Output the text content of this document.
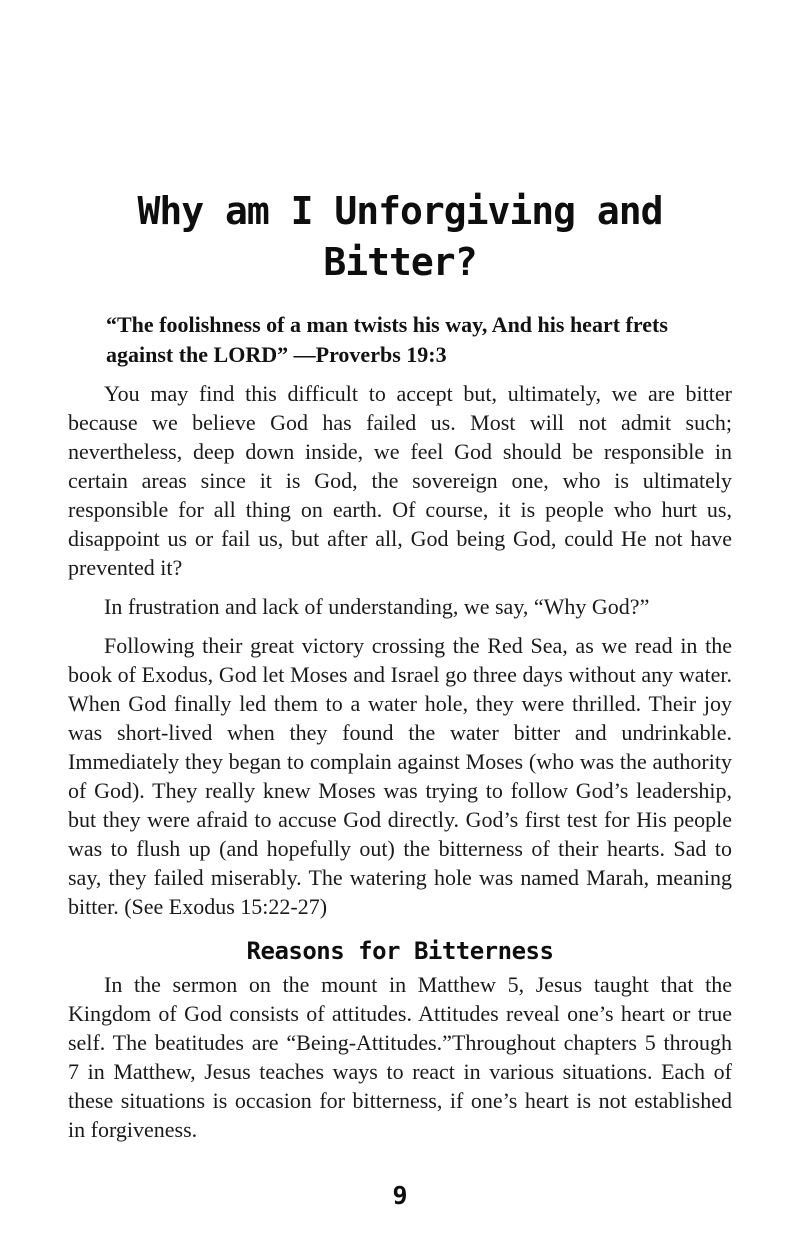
Why am I Unforgiving and Bitter?

“The foolishness of a man twists his way, And his heart frets against the LORD” —Proverbs 19:3

You may find this difficult to accept but, ultimately, we are bitter because we believe God has failed us. Most will not admit such; nevertheless, deep down inside, we feel God should be responsible in certain areas since it is God, the sovereign one, who is ultimately responsible for all thing on earth. Of course, it is people who hurt us, disappoint us or fail us, but after all, God being God, could He not have prevented it?

In frustration and lack of understanding, we say, “Why God?”

Following their great victory crossing the Red Sea, as we read in the book of Exodus, God let Moses and Israel go three days without any water. When God finally led them to a water hole, they were thrilled. Their joy was short-lived when they found the water bitter and undrinkable. Immediately they began to complain against Moses (who was the authority of God). They really knew Moses was trying to follow God’s leadership, but they were afraid to accuse God directly. God’s first test for His people was to flush up (and hopefully out) the bitterness of their hearts. Sad to say, they failed miserably. The watering hole was named Marah, meaning bitter. (See Exodus 15:22-27)

Reasons for Bitterness

In the sermon on the mount in Matthew 5, Jesus taught that the Kingdom of God consists of attitudes. Attitudes reveal one’s heart or true self. The beatitudes are “Being-Attitudes.”Throughout chapters 5 through 7 in Matthew, Jesus teaches ways to react in various situations. Each of these situations is occasion for bitterness, if one’s heart is not established in forgiveness.

9
